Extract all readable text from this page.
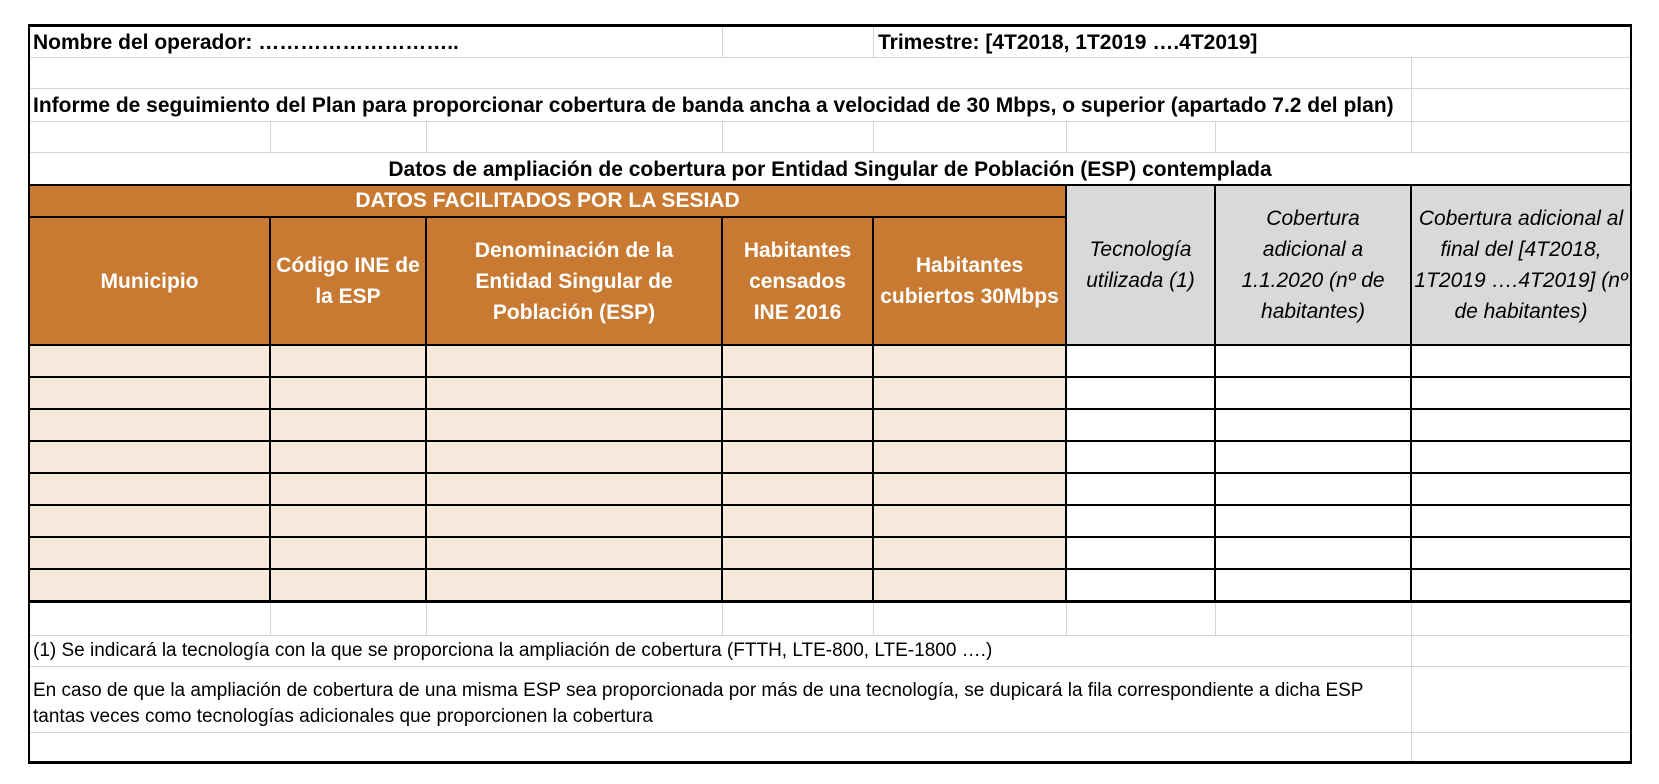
Nombre del operador: ………………………..	Trimestre: [4T2018, 1T2019 ….4T2019]
Informe de seguimiento del Plan para proporcionar cobertura de banda ancha a velocidad de 30 Mbps, o superior (apartado 7.2 del plan)
Datos de ampliación de cobertura por Entidad Singular de Población (ESP) contemplada
DATOS FACILITADOS POR LA SESIAD
Municipio
Código INE de la ESP
Denominación de la Entidad Singular de Población (ESP)
Habitantes censados INE 2016
Habitantes cubiertos 30Mbps
Tecnología utilizada (1)
Cobertura adicional a 1.1.2020 (nº de habitantes)
Cobertura adicional al final del [4T2018, 1T2019 ….4T2019] (nº de habitantes)
(1) Se indicará la tecnología con la que se proporciona la ampliación de cobertura (FTTH, LTE-800, LTE-1800 ….)
En caso de que la ampliación de cobertura de una misma ESP sea proporcionada por más de una tecnología, se dupicará la fila correspondiente a dicha ESP
tantas veces como tecnologías adicionales que proporcionen la cobertura
